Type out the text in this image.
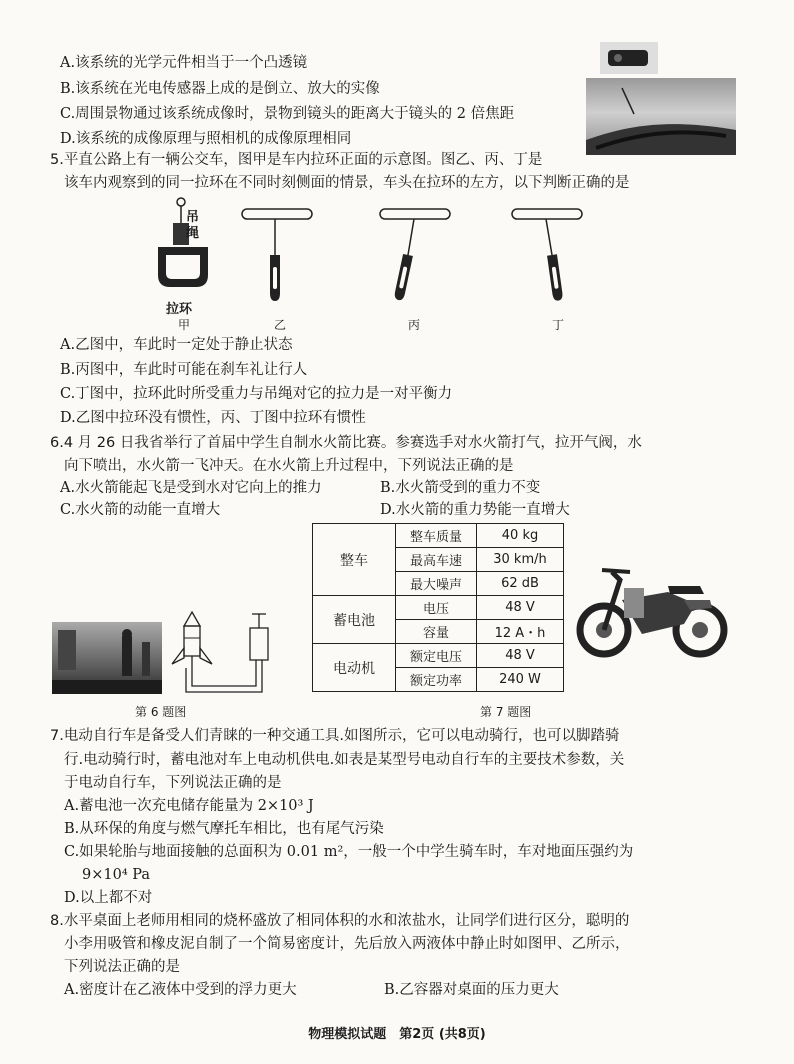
A.该系统的光学元件相当于一个凸透镜
B.该系统在光电传感器上成的是倒立、放大的实像
C.周围景物通过该系统成像时，景物到镜头的距离大于镜头的 2 倍焦距
D.该系统的成像原理与照相机的成像原理相同
5.平直公路上有一辆公交车，图甲是车内拉环正面的示意图。图乙、丙、丁是
该车内观察到的同一拉环在不同时刻侧面的情景，车头在拉环的左方，以下判断正确的是
吊绳
拉环
甲	乙	丙	丁
A.乙图中，车此时一定处于静止状态
B.丙图中，车此时可能在刹车礼让行人
C.丁图中，拉环此时所受重力与吊绳对它的拉力是一对平衡力
D.乙图中拉环没有惯性，丙、丁图中拉环有惯性
6.4 月 26 日我省举行了首届中学生自制水火箭比赛。参赛选手对水火箭打气，拉开气阀，水
向下喷出，水火箭一飞冲天。在水火箭上升过程中，下列说法正确的是
A.水火箭能起飞是受到水对它向上的推力	B.水火箭受到的重力不变
C.水火箭的动能一直增大	D.水火箭的重力势能一直增大
第 6 题图
整车	整车质量	40 kg
	最高车速	30 km/h
	最大噪声	62 dB
蓄电池	电压	48 V
	容量	12 A・h
电动机	额定电压	48 V
	额定功率	240 W
第 7 题图
7.电动自行车是备受人们青睐的一种交通工具.如图所示，它可以电动骑行，也可以脚踏骑
行.电动骑行时，蓄电池对车上电动机供电.如表是某型号电动自行车的主要技术参数，关
于电动自行车，下列说法正确的是
A.蓄电池一次充电储存能量为 2×10³ J
B.从环保的角度与燃气摩托车相比，也有尾气污染
C.如果轮胎与地面接触的总面积为 0.01 m²，一般一个中学生骑车时，车对地面压强约为
9×10⁴ Pa
D.以上都不对
8.水平桌面上老师用相同的烧杯盛放了相同体积的水和浓盐水，让同学们进行区分，聪明的
小李用吸管和橡皮泥自制了一个简易密度计，先后放入两液体中静止时如图甲、乙所示，
下列说法正确的是
A.密度计在乙液体中受到的浮力更大	B.乙容器对桌面的压力更大
物理模拟试题　第2页 (共8页)
